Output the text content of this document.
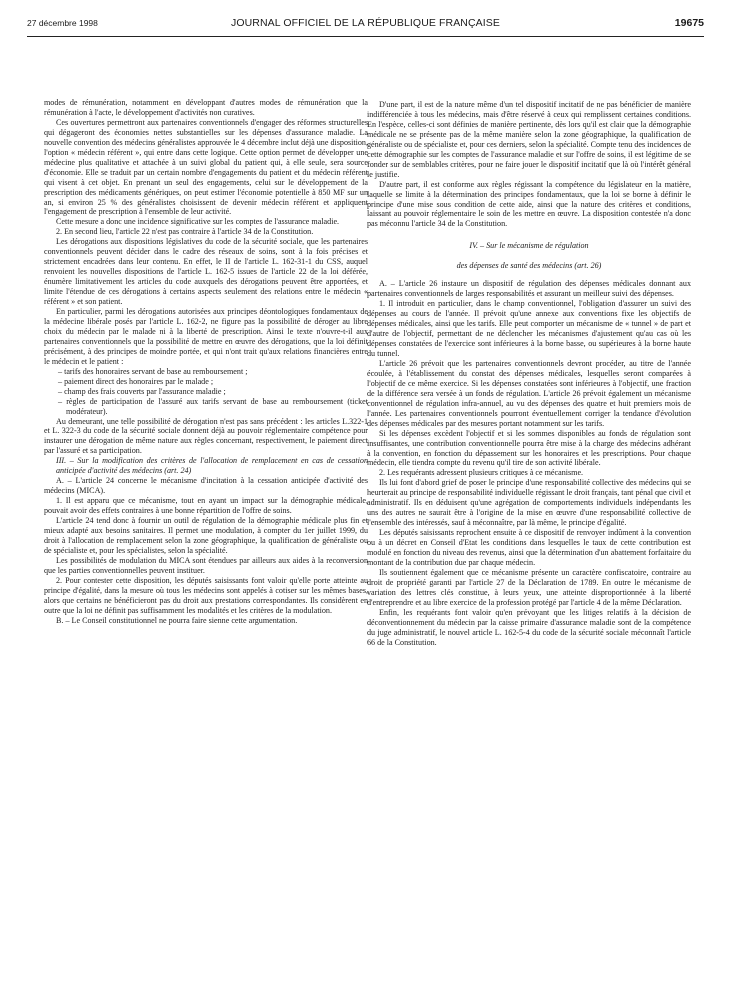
27 décembre 1998	JOURNAL OFFICIEL DE LA RÉPUBLIQUE FRANÇAISE	19675

modes de rémunération, notamment en développant d'autres modes de rémunération que la rémunération à l'acte, le développement d'activités non curatives.

Ces ouvertures permettront aux partenaires conventionnels d'engager des réformes structurelles qui dégageront des économies nettes substantielles sur les dépenses d'assurance maladie. La nouvelle convention des médecins généralistes approuvée le 4 décembre inclut déjà une disposition, l'option « médecin référent », qui entre dans cette logique. Cette option permet de développer une médecine plus qualitative et attachée à un suivi global du patient qui, à elle seule, sera source d'économie. Elle se traduit par un certain nombre d'engagements du patient et du médecin référent qui visent à cet objet. En prenant un seul des engagements, celui sur le développement de la prescription des médicaments génériques, on peut estimer l'économie potentielle à 850 MF sur un an, si environ 25 % des généralistes choisissent de devenir médecin référent et appliquent l'engagement de prescription à l'ensemble de leur activité.

Cette mesure a donc une incidence significative sur les comptes de l'assurance maladie.

2. En second lieu, l'article 22 n'est pas contraire à l'article 34 de la Constitution.

Les dérogations aux dispositions législatives du code de la sécurité sociale, que les partenaires conventionnels peuvent décider dans le cadre des réseaux de soins, sont à la fois précises et strictement encadrées dans leur contenu. En effet, le II de l'article L. 162-31-1 du CSS, auquel renvoient les nouvelles dispositions de l'article L. 162-5 issues de l'article 22 de la loi déférée, énumère limitativement les articles du code auxquels des dérogations peuvent être apportées, et limite l'étendue de ces dérogations à certains aspects seulement des relations entre le médecin « référent » et son patient.

En particulier, parmi les dérogations autorisées aux principes déontologiques fondamentaux de la médecine libérale posés par l'article L. 162-2, ne figure pas la possibilité de déroger au libre choix du médecin par le malade ni à la liberté de prescription. Ainsi le texte n'ouvre-t-il aux partenaires conventionnels que la possibilité de mettre en œuvre des dérogations, que la loi définit précisément, à des principes de moindre portée, et qui n'ont trait qu'aux relations financières entre le médecin et le patient :

– tarifs des honoraires servant de base au remboursement ;
– paiement direct des honoraires par le malade ;
– champ des frais couverts par l'assurance maladie ;
– règles de participation de l'assuré aux tarifs servant de base au remboursement (ticket modérateur).

Au demeurant, une telle possibilité de dérogation n'est pas sans précédent : les articles L.322-1 et L. 322-3 du code de la sécurité sociale donnent déjà au pouvoir réglementaire compétence pour instaurer une dérogation de même nature aux règles concernant, respectivement, le paiement direct par l'assuré et sa participation.

III. – Sur la modification des critères de l'allocation de remplacement en cas de cessation anticipée d'activité des médecins (art. 24)

A. – L'article 24 concerne le mécanisme d'incitation à la cessation anticipée d'activité des médecins (MICA).

1. Il est apparu que ce mécanisme, tout en ayant un impact sur la démographie médicale, pouvait avoir des effets contraires à une bonne répartition de l'offre de soins.

L'article 24 tend donc à fournir un outil de régulation de la démographie médicale plus fin et mieux adapté aux besoins sanitaires. Il permet une modulation, à compter du 1er juillet 1999, du droit à l'allocation de remplacement selon la zone géographique, la qualification de généraliste ou de spécialiste et, pour les spécialistes, selon la spécialité.

Les possibilités de modulation du MICA sont étendues par ailleurs aux aides à la reconversion que les parties conventionnelles peuvent instituer.

2. Pour contester cette disposition, les députés saisissants font valoir qu'elle porte atteinte au principe d'égalité, dans la mesure où tous les médecins sont appelés à cotiser sur les mêmes bases, alors que certains ne bénéficieront pas du droit aux prestations correspondantes. Ils considèrent en outre que la loi ne définit pas suffisamment les modalités et les critères de la modulation.

B. – Le Conseil constitutionnel ne pourra faire sienne cette argumentation.

D'une part, il est de la nature même d'un tel dispositif incitatif de ne pas bénéficier de manière indifférenciée à tous les médecins, mais d'être réservé à ceux qui remplissent certaines conditions. En l'espèce, celles-ci sont définies de manière pertinente, dès lors qu'il est clair que la démographie médicale ne se présente pas de la même manière selon la zone géographique, la qualification de généraliste ou de spécialiste et, pour ces derniers, selon la spécialité. Compte tenu des incidences de cette démographie sur les comptes de l'assurance maladie et sur l'offre de soins, il est légitime de se fonder sur de semblables critères, pour ne faire jouer le dispositif incitatif que là où l'intérêt général le justifie.

D'autre part, il est conforme aux règles régissant la compétence du législateur en la matière, laquelle se limite à la détermination des principes fondamentaux, que la loi se borne à définir le principe d'une mise sous condition de cette aide, ainsi que la nature des critères et conditions, laissant au pouvoir réglementaire le soin de les mettre en œuvre. La disposition contestée n'a donc pas méconnu l'article 34 de la Constitution.

IV. – Sur le mécanisme de régulation

des dépenses de santé des médecins (art. 26)

A. – L'article 26 instaure un dispositif de régulation des dépenses médicales donnant aux partenaires conventionnels de larges responsabilités et assurant un meilleur suivi des dépenses.

1. Il introduit en particulier, dans le champ conventionnel, l'obligation d'assurer un suivi des dépenses au cours de l'année. Il prévoit qu'une annexe aux conventions fixe les objectifs de dépenses médicales, ainsi que les tarifs. Elle peut comporter un mécanisme de « tunnel » de part et d'autre de l'objectif, permettant de ne déclencher les mécanismes d'ajustement qu'au cas où les dépenses constatées de l'exercice sont inférieures à la borne basse, ou supérieures à la borne haute du tunnel.

L'article 26 prévoit que les partenaires conventionnels devront procéder, au titre de l'année écoulée, à l'établissement du constat des dépenses médicales, lesquelles seront comparées à l'objectif de ce même exercice. Si les dépenses constatées sont inférieures à l'objectif, une fraction de la différence sera versée à un fonds de régulation. L'article 26 prévoit également un mécanisme conventionnel de régulation infra-annuel, au vu des dépenses des quatre et huit premiers mois de l'année. Les partenaires conventionnels pourront éventuellement corriger la tendance d'évolution des dépenses médicales par des mesures portant notamment sur les tarifs.

Si les dépenses excèdent l'objectif et si les sommes disponibles au fonds de régulation sont insuffisantes, une contribution conventionnelle pourra être mise à la charge des médecins adhérant à la convention, en fonction du dépassement sur les honoraires et les prescriptions. Pour chaque médecin, elle tiendra compte du revenu qu'il tire de son activité libérale.

2. Les requérants adressent plusieurs critiques à ce mécanisme.

Ils lui font d'abord grief de poser le principe d'une responsabilité collective des médecins qui se heurterait au principe de responsabilité individuelle régissant le droit français, tant pénal que civil et administratif. Ils en déduisent qu'une agrégation de comportements individuels indépendants les uns des autres ne saurait être à l'origine de la mise en œuvre d'une responsabilité collective de l'ensemble des intéressés, sauf à méconnaître, par là même, le principe d'égalité.

Les députés saisissants reprochent ensuite à ce dispositif de renvoyer indûment à la convention ou à un décret en Conseil d'Etat les conditions dans lesquelles le taux de cette contribution est modulé en fonction du niveau des revenus, ainsi que la détermination d'un abattement forfaitaire du montant de la contribution due par chaque médecin.

Ils soutiennent également que ce mécanisme présente un caractère confiscatoire, contraire au droit de propriété garanti par l'article 27 de la Déclaration de 1789. En outre le mécanisme de variation des lettres clés constitue, à leurs yeux, une atteinte disproportionnée à la liberté d'entreprendre et au libre exercice de la profession protégé par l'article 4 de la même Déclaration.

Enfin, les requérants font valoir qu'en prévoyant que les litiges relatifs à la décision de déconventionnement du médecin par la caisse primaire d'assurance maladie sont de la compétence du juge administratif, le nouvel article L. 162-5-4 du code de la sécurité sociale méconnaît l'article 66 de la Constitution.
